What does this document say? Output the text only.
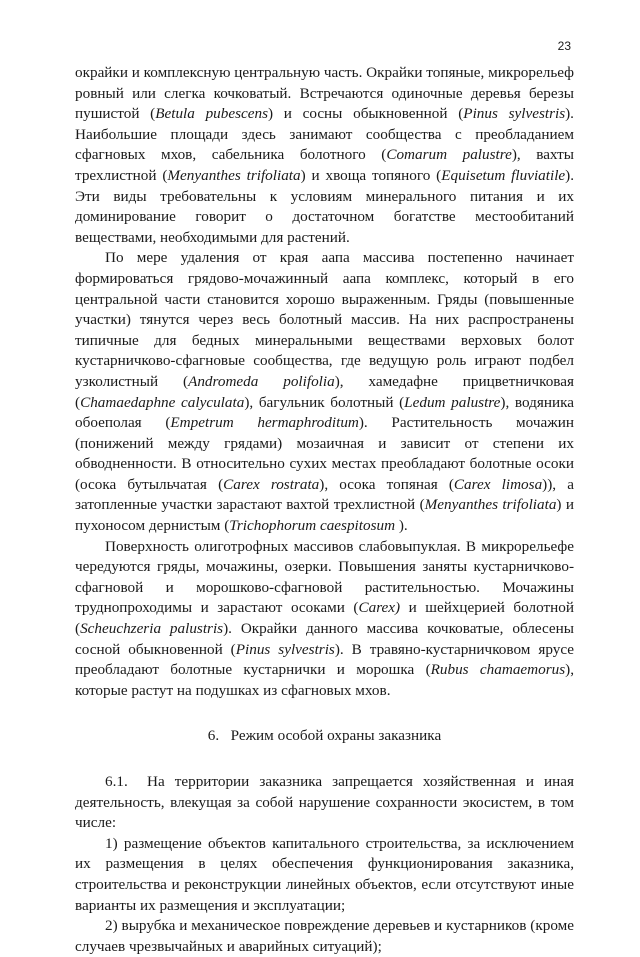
23

окрайки и комплексную центральную часть. Окрайки топяные, микрорельеф ровный или слегка кочковатый. Встречаются одиночные деревья березы пушистой (Betula pubescens) и сосны обыкновенной (Pinus sylvestris). Наибольшие площади здесь занимают сообщества с преобладанием сфагновых мхов, сабельника болотного (Comarum palustre), вахты трехлистной (Menyanthes trifoliata) и хвоща топяного (Equisetum fluviatile). Эти виды требовательны к условиям минерального питания и их доминирование говорит о достаточном богатстве местообитаний веществами, необходимыми для растений.

По мере удаления от края аапа массива постепенно начинает формироваться грядово-мочажинный аапа комплекс, который в его центральной части становится хорошо выраженным. Гряды (повышенные участки) тянутся через весь болотный массив. На них распространены типичные для бедных минеральными веществами верховых болот кустарничково-сфагновые сообщества, где ведущую роль играют подбел узколистный (Andromeda polifolia), хамедафне прицветничковая (Chamaedaphne calyculata), багульник болотный (Ledum palustre), водяника обоеполая (Empetrum hermaphroditum). Растительность мочажин (понижений между грядами) мозаичная и зависит от степени их обводненности. В относительно сухих местах преобладают болотные осоки (осока бутыльчатая (Carex rostrata), осока топяная (Carex limosa)), а затопленные участки зарастают вахтой трехлистной (Menyanthes trifoliata) и пухоносом дернистым (Trichophorum caespitosum ).

Поверхность олиготрофных массивов слабовыпуклая. В микрорельефе чередуются гряды, мочажины, озерки. Повышения заняты кустарничково-сфагновой и морошково-сфагновой растительностью. Мочажины труднопроходимы и зарастают осоками (Carex) и шейхцерией болотной (Scheuchzeria palustris). Окрайки данного массива кочковатые, облесены сосной обыкновенной (Pinus sylvestris). В травяно-кустарничковом ярусе преобладают болотные кустарнички и морошка (Rubus chamaemorus), которые растут на подушках из сфагновых мхов.

6. Режим особой охраны заказника

6.1. На территории заказника запрещается хозяйственная и иная деятельность, влекущая за собой нарушение сохранности экосистем, в том числе:

1) размещение объектов капитального строительства, за исключением их размещения в целях обеспечения функционирования заказника, строительства и реконструкции линейных объектов, если отсутствуют иные варианты их размещения и эксплуатации;

2) вырубка и механическое повреждение деревьев и кустарников (кроме случаев чрезвычайных и аварийных ситуаций);
